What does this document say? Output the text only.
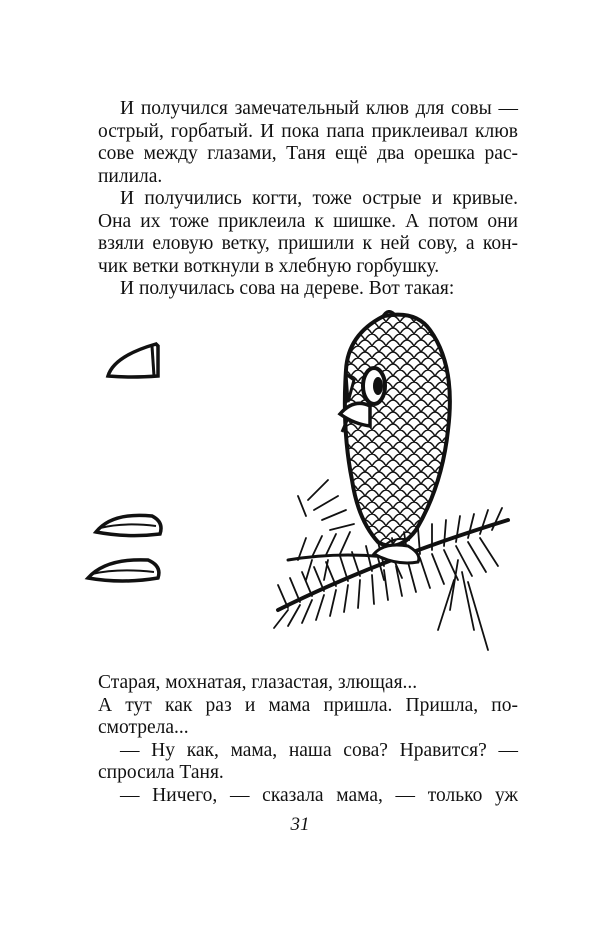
И получился замечательный клюв для совы —
острый, горбатый. И пока папа приклеивал клюв
сове между глазами, Таня ещё два орешка рас-
пилила.
И получились когти, тоже острые и кривые.
Она их тоже приклеила к шишке. А потом они
взяли еловую ветку, пришили к ней сову, а кон-
чик ветки воткнули в хлебную горбушку.
И получилась сова на дереве. Вот такая:
Старая, мохнатая, глазастая, злющая...
А тут как раз и мама пришла. Пришла, по-
смотрела...
— Ну как, мама, наша сова? Нравится? —
спросила Таня.
— Ничего, — сказала мама, — только уж
31
